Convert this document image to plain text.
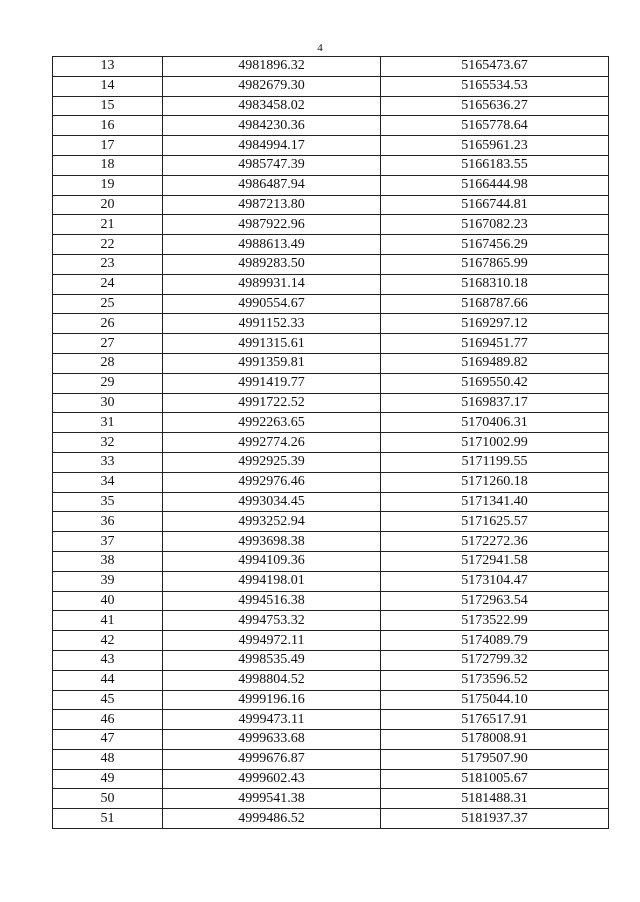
4
13	4981896.32	5165473.67
14	4982679.30	5165534.53
15	4983458.02	5165636.27
16	4984230.36	5165778.64
17	4984994.17	5165961.23
18	4985747.39	5166183.55
19	4986487.94	5166444.98
20	4987213.80	5166744.81
21	4987922.96	5167082.23
22	4988613.49	5167456.29
23	4989283.50	5167865.99
24	4989931.14	5168310.18
25	4990554.67	5168787.66
26	4991152.33	5169297.12
27	4991315.61	5169451.77
28	4991359.81	5169489.82
29	4991419.77	5169550.42
30	4991722.52	5169837.17
31	4992263.65	5170406.31
32	4992774.26	5171002.99
33	4992925.39	5171199.55
34	4992976.46	5171260.18
35	4993034.45	5171341.40
36	4993252.94	5171625.57
37	4993698.38	5172272.36
38	4994109.36	5172941.58
39	4994198.01	5173104.47
40	4994516.38	5172963.54
41	4994753.32	5173522.99
42	4994972.11	5174089.79
43	4998535.49	5172799.32
44	4998804.52	5173596.52
45	4999196.16	5175044.10
46	4999473.11	5176517.91
47	4999633.68	5178008.91
48	4999676.87	5179507.90
49	4999602.43	5181005.67
50	4999541.38	5181488.31
51	4999486.52	5181937.37
